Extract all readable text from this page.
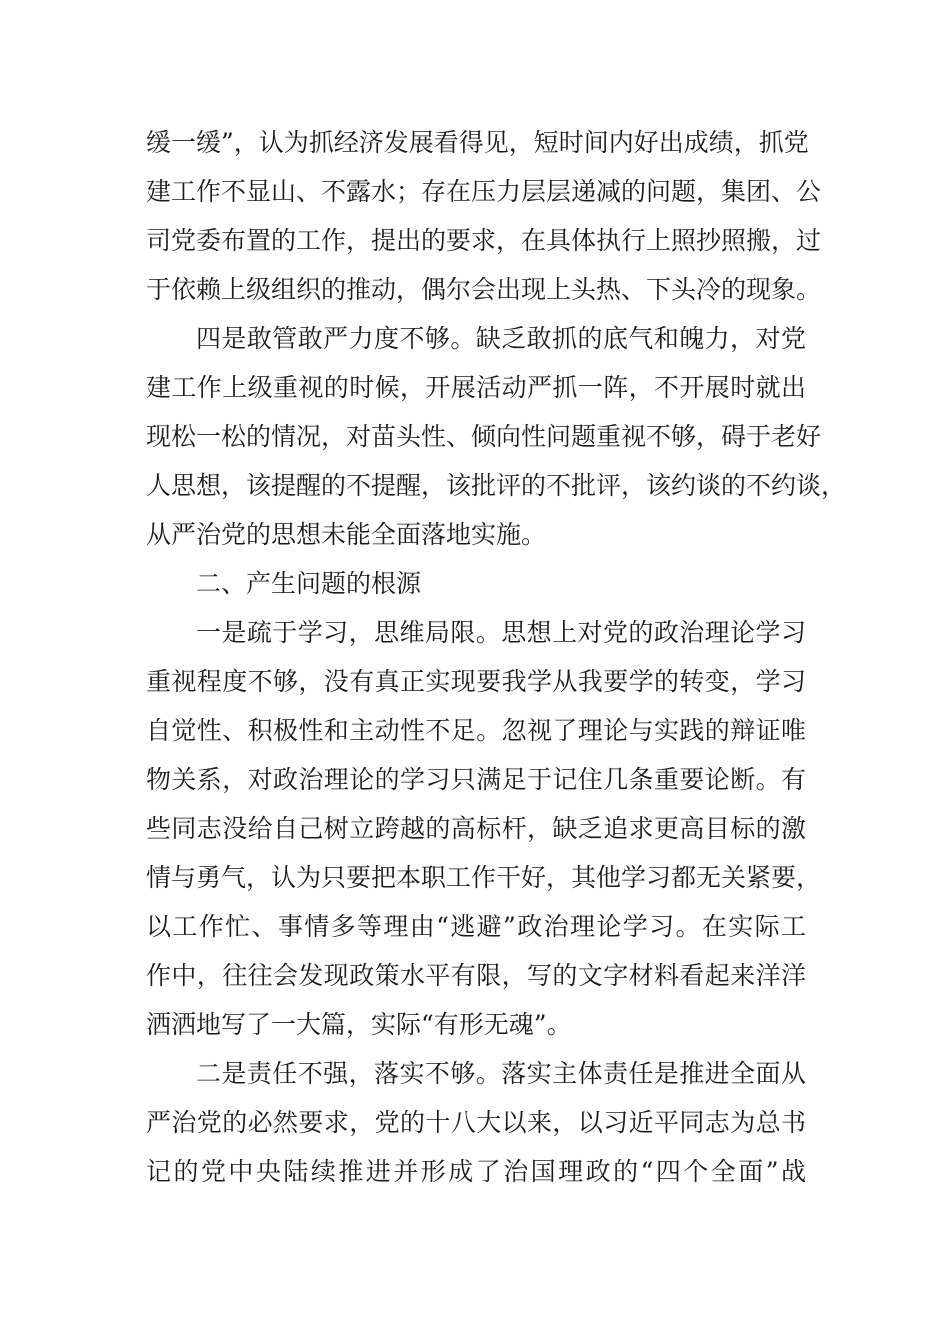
缓一缓”，认为抓经济发展看得见，短时间内好出成绩，抓党
建工作不显山、不露水；存在压力层层递减的问题，集团、公
司党委布置的工作，提出的要求，在具体执行上照抄照搬，过
于依赖上级组织的推动，偶尔会出现上头热、下头冷的现象。
四是敢管敢严力度不够。缺乏敢抓的底气和魄力，对党
建工作上级重视的时候，开展活动严抓一阵，不开展时就出
现松一松的情况，对苗头性、倾向性问题重视不够，碍于老好
人思想，该提醒的不提醒，该批评的不批评，该约谈的不约谈，
从严治党的思想未能全面落地实施。
二、产生问题的根源
一是疏于学习，思维局限。思想上对党的政治理论学习
重视程度不够，没有真正实现要我学从我要学的转变，学习
自觉性、积极性和主动性不足。忽视了理论与实践的辩证唯
物关系，对政治理论的学习只满足于记住几条重要论断。有
些同志没给自己树立跨越的高标杆，缺乏追求更高目标的激
情与勇气，认为只要把本职工作干好，其他学习都无关紧要，
以工作忙、事情多等理由“逃避”政治理论学习。在实际工
作中，往往会发现政策水平有限，写的文字材料看起来洋洋
洒洒地写了一大篇，实际“有形无魂”。
二是责任不强，落实不够。落实主体责任是推进全面从
严治党的必然要求，党的十八大以来，以习近平同志为总书
记的党中央陆续推进并形成了治国理政的“四个全面”战
